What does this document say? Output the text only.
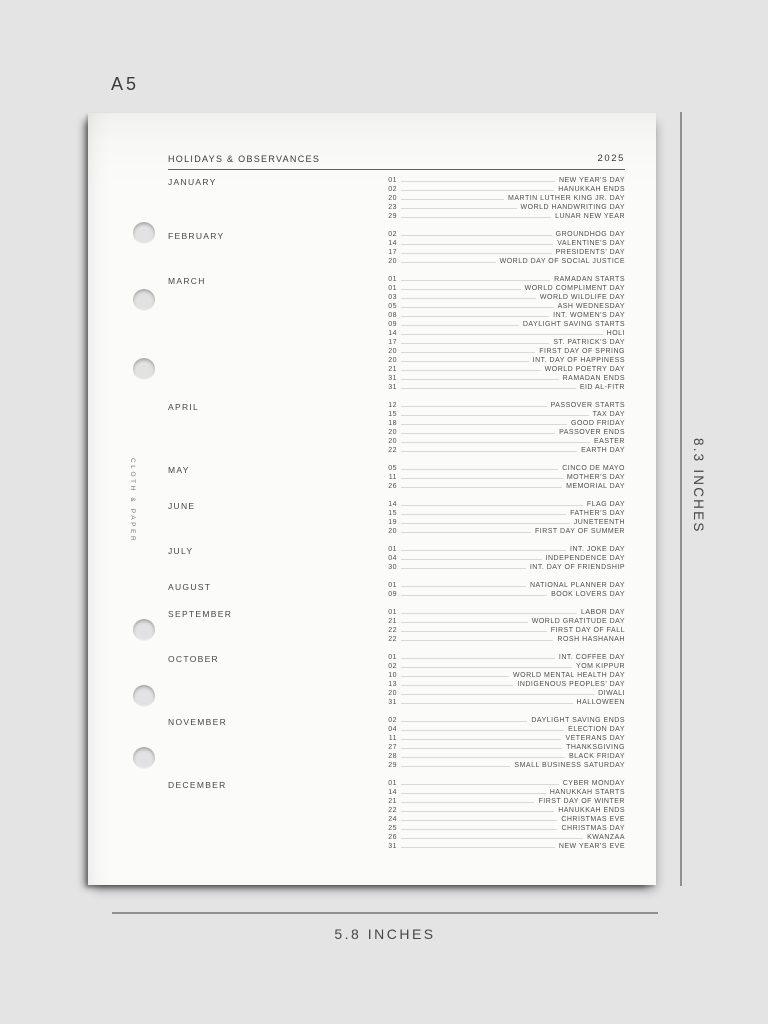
A5
HOLIDAYS & OBSERVANCES	2025
JANUARY	01	NEW YEAR'S DAY
02	HANUKKAH ENDS
20	MARTIN LUTHER KING JR. DAY
23	WORLD HANDWRITING DAY
29	LUNAR NEW YEAR
FEBRUARY	02	GROUNDHOG DAY
14	VALENTINE'S DAY
17	PRESIDENTS' DAY
20	WORLD DAY OF SOCIAL JUSTICE
MARCH	01	RAMADAN STARTS
01	WORLD COMPLIMENT DAY
03	WORLD WILDLIFE DAY
05	ASH WEDNESDAY
08	INT. WOMEN'S DAY
09	DAYLIGHT SAVING STARTS
14	HOLI
17	ST. PATRICK'S DAY
20	FIRST DAY OF SPRING
20	INT. DAY OF HAPPINESS
21	WORLD POETRY DAY
31	RAMADAN ENDS
31	EID AL-FITR
APRIL	12	PASSOVER STARTS
15	TAX DAY
18	GOOD FRIDAY
20	PASSOVER ENDS
20	EASTER
22	EARTH DAY
MAY	05	CINCO DE MAYO
11	MOTHER'S DAY
26	MEMORIAL DAY
JUNE	14	FLAG DAY
15	FATHER'S DAY
19	JUNETEENTH
20	FIRST DAY OF SUMMER
JULY	01	INT. JOKE DAY
04	INDEPENDENCE DAY
30	INT. DAY OF FRIENDSHIP
AUGUST	01	NATIONAL PLANNER DAY
09	BOOK LOVERS DAY
SEPTEMBER	01	LABOR DAY
21	WORLD GRATITUDE DAY
22	FIRST DAY OF FALL
22	ROSH HASHANAH
OCTOBER	01	INT. COFFEE DAY
02	YOM KIPPUR
10	WORLD MENTAL HEALTH DAY
13	INDIGENOUS PEOPLES' DAY
20	DIWALI
31	HALLOWEEN
NOVEMBER	02	DAYLIGHT SAVING ENDS
04	ELECTION DAY
11	VETERANS DAY
27	THANKSGIVING
28	BLACK FRIDAY
29	SMALL BUSINESS SATURDAY
DECEMBER	01	CYBER MONDAY
14	HANUKKAH STARTS
21	FIRST DAY OF WINTER
22	HANUKKAH ENDS
24	CHRISTMAS EVE
25	CHRISTMAS DAY
26	KWANZAA
31	NEW YEAR'S EVE
CLOTH & PAPER	8.3 INCHES
5.8 INCHES
